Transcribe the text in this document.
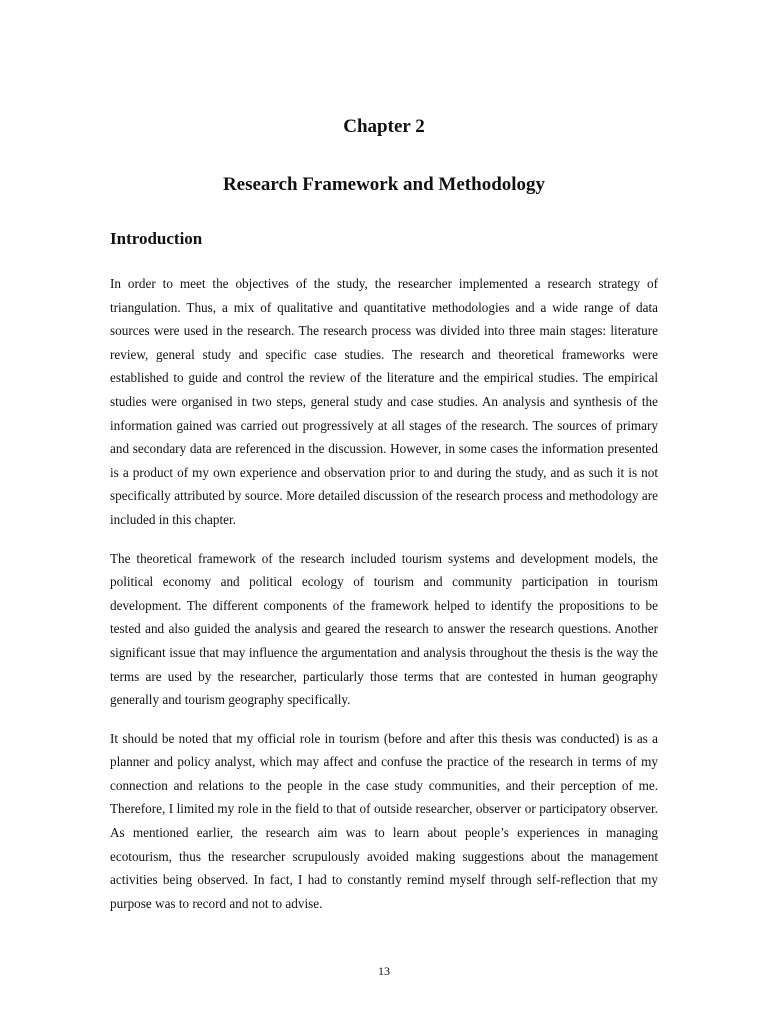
Chapter 2
Research Framework and Methodology
Introduction

In order to meet the objectives of the study, the researcher implemented a research strategy of triangulation. Thus, a mix of qualitative and quantitative methodologies and a wide range of data sources were used in the research. The research process was divided into three main stages: literature review, general study and specific case studies. The research and theoretical frameworks were established to guide and control the review of the literature and the empirical studies. The empirical studies were organised in two steps, general study and case studies. An analysis and synthesis of the information gained was carried out progressively at all stages of the research. The sources of primary and secondary data are referenced in the discussion. However, in some cases the information presented is a product of my own experience and observation prior to and during the study, and as such it is not specifically attributed by source. More detailed discussion of the research process and methodology are included in this chapter.

The theoretical framework of the research included tourism systems and development models, the political economy and political ecology of tourism and community participation in tourism development. The different components of the framework helped to identify the propositions to be tested and also guided the analysis and geared the research to answer the research questions. Another significant issue that may influence the argumentation and analysis throughout the thesis is the way the terms are used by the researcher, particularly those terms that are contested in human geography generally and tourism geography specifically.

It should be noted that my official role in tourism (before and after this thesis was conducted) is as a planner and policy analyst, which may affect and confuse the practice of the research in terms of my connection and relations to the people in the case study communities, and their perception of me. Therefore, I limited my role in the field to that of outside researcher, observer or participatory observer. As mentioned earlier, the research aim was to learn about people’s experiences in managing ecotourism, thus the researcher scrupulously avoided making suggestions about the management activities being observed. In fact, I had to constantly remind myself through self-reflection that my purpose was to record and not to advise.

13
